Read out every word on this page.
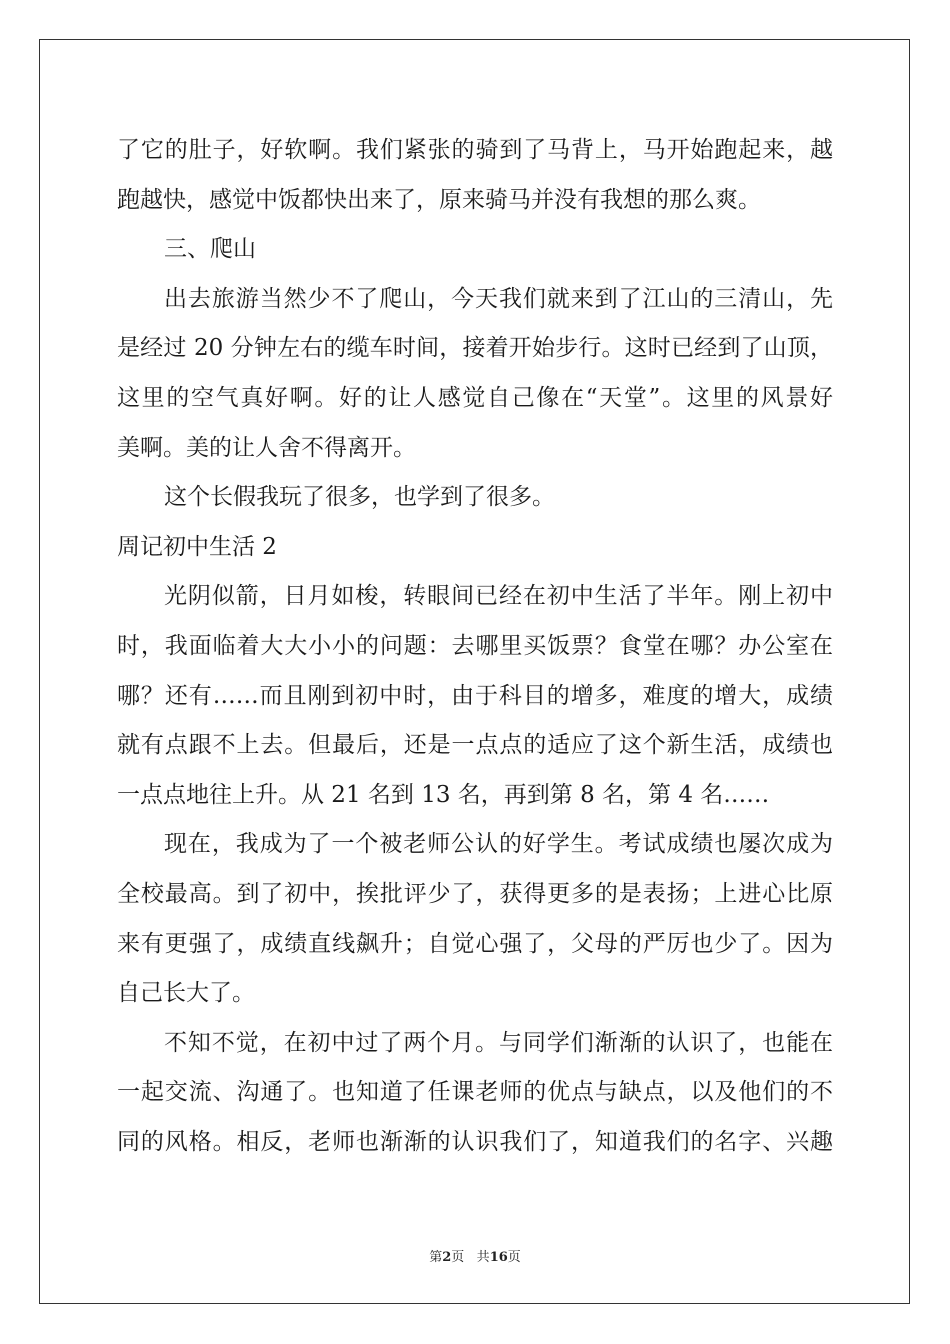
了它的肚子，好软啊。我们紧张的骑到了马背上，马开始跑起来，越
跑越快，感觉中饭都快出来了，原来骑马并没有我想的那么爽。
三、爬山
出去旅游当然少不了爬山，今天我们就来到了江山的三清山，先
是经过 20 分钟左右的缆车时间，接着开始步行。这时已经到了山顶，
这里的空气真好啊。好的让人感觉自己像在“天堂”。这里的风景好
美啊。美的让人舍不得离开。
这个长假我玩了很多，也学到了很多。
周记初中生活 2
光阴似箭，日月如梭，转眼间已经在初中生活了半年。刚上初中
时，我面临着大大小小的问题：去哪里买饭票？食堂在哪？办公室在
哪？还有……而且刚到初中时，由于科目的增多，难度的增大，成绩
就有点跟不上去。但最后，还是一点点的适应了这个新生活，成绩也
一点点地往上升。从 21 名到 13 名，再到第 8 名，第 4 名……
现在，我成为了一个被老师公认的好学生。考试成绩也屡次成为
全校最高。到了初中，挨批评少了，获得更多的是表扬；上进心比原
来有更强了，成绩直线飙升；自觉心强了，父母的严厉也少了。因为
自己长大了。
不知不觉，在初中过了两个月。与同学们渐渐的认识了，也能在
一起交流、沟通了。也知道了任课老师的优点与缺点，以及他们的不
同的风格。相反，老师也渐渐的认识我们了，知道我们的名字、兴趣
第2页 共16页
